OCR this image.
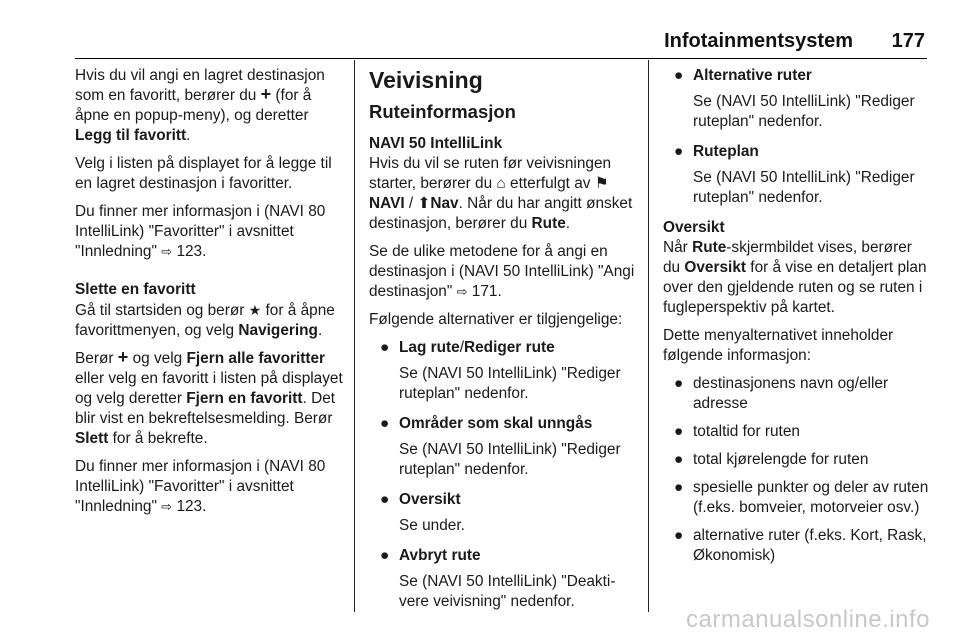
Infotainmentsystem 177

Hvis du vil angi en lagret destinasjon som en favoritt, berører du + (for å åpne en popup-meny), og deretter Legg til favoritt.

Velg i listen på displayet for å legge til en lagret destinasjon i favoritter.

Du finner mer informasjon i (NAVI 80 IntelliLink) "Favoritter" i avsnittet "Innledning" ⇨ 123.

Slette en favoritt

Gå til startsiden og berør ★ for å åpne favorittmenyen, og velg Navigering.

Berør + og velg Fjern alle favoritter eller velg en favoritt i listen på displayet og velg deretter Fjern en favoritt. Det blir vist en bekreftelsesmelding. Berør Slett for å bekrefte.

Du finner mer informasjon i (NAVI 80 IntelliLink) "Favoritter" i avsnittet "Innledning" ⇨ 123.

Veivisning
Ruteinformasjon

NAVI 50 IntelliLink

Hvis du vil se ruten før veivisningen starter, berører du ⌂ etterfulgt av ⚑NAVI / ⬆Nav. Når du har angitt ønsket destinasjon, berører du Rute.

Se de ulike metodene for å angi en destinasjon i (NAVI 50 IntelliLink) "Angi destinasjon" ⇨ 171.

Følgende alternativer er tilgjengelige:

● Lag rute/Rediger rute
Se (NAVI 50 IntelliLink) "Rediger ruteplan" nedenfor.
● Områder som skal unngås
Se (NAVI 50 IntelliLink) "Rediger ruteplan" nedenfor.
● Oversikt
Se under.
● Avbryt rute
Se (NAVI 50 IntelliLink) "Deaktivere veivisning" nedenfor.
● Alternative ruter
Se (NAVI 50 IntelliLink) "Rediger ruteplan" nedenfor.
● Ruteplan
Se (NAVI 50 IntelliLink) "Rediger ruteplan" nedenfor.

Oversikt

Når Rute-skjermbildet vises, berører du Oversikt for å vise en detaljert plan over den gjeldende ruten og se ruten i fugleperspektiv på kartet.

Dette menyalternativet inneholder følgende informasjon:

● destinasjonens navn og/eller adresse
● totaltid for ruten
● total kjørelengde for ruten
● spesielle punkter og deler av ruten (f.eks. bomveier, motorveier osv.)
● alternative ruter (f.eks. Kort, Rask, Økonomisk)
carmanualsonline.info
